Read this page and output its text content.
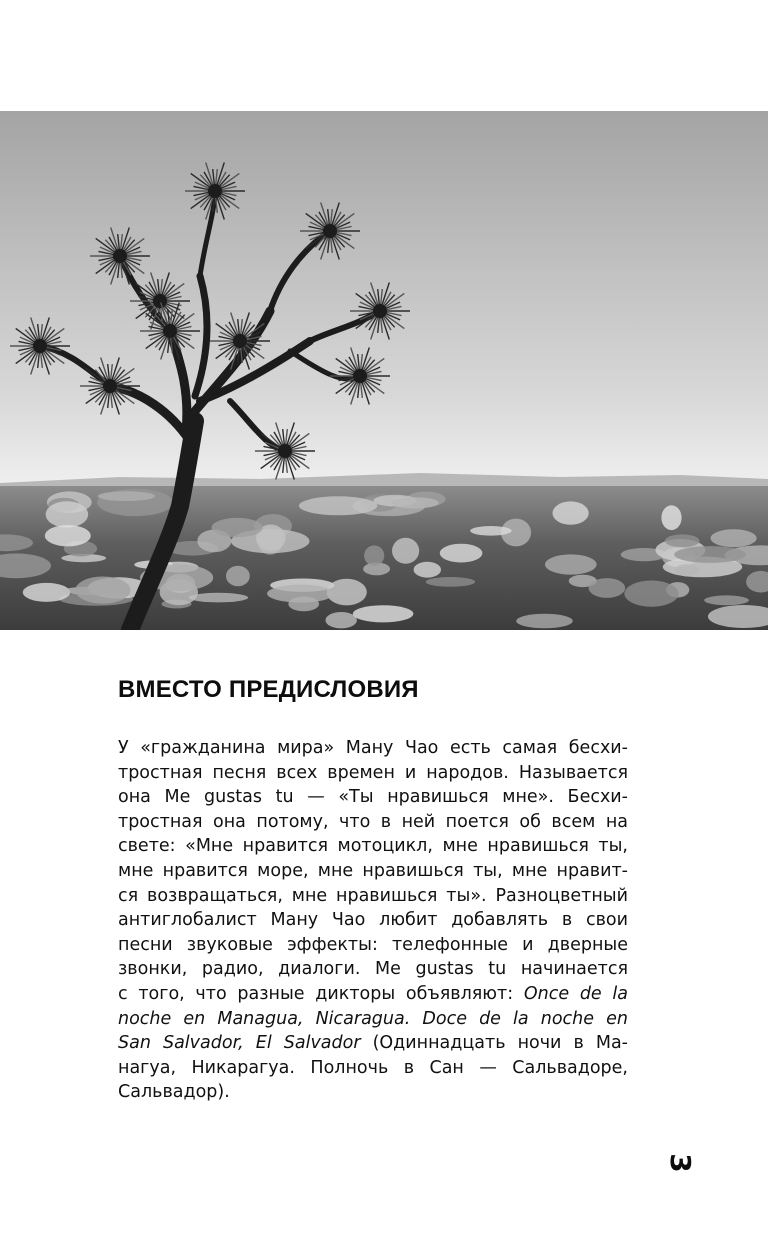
ВМЕСТО ПРЕДИСЛОВИЯ
У «гражданина мира» Ману Чао есть самая бесхи-
тростная песня всех времен и народов. Называется
она Me gustas tu — «Ты нравишься мне». Бесхи-
тростная она потому, что в ней поется об всем на
свете: «Мне нравится мотоцикл, мне нравишься ты,
мне нравится море, мне нравишься ты, мне нравит-
ся возвращаться, мне нравишься ты». Разноцветный
антиглобалист Ману Чао любит добавлять в свои
песни звуковые эффекты: телефонные и дверные
звонки, радио, диалоги. Me gustas tu начинается
с того, что разные дикторы объявляют: Once de la
noche en Managua, Nicaragua. Doce de la noche en
San Salvador, El Salvador (Одиннадцать ночи в Ма-
нагуа, Никарагуа. Полночь в Сан — Сальвадоре,
Сальвадор).
3
